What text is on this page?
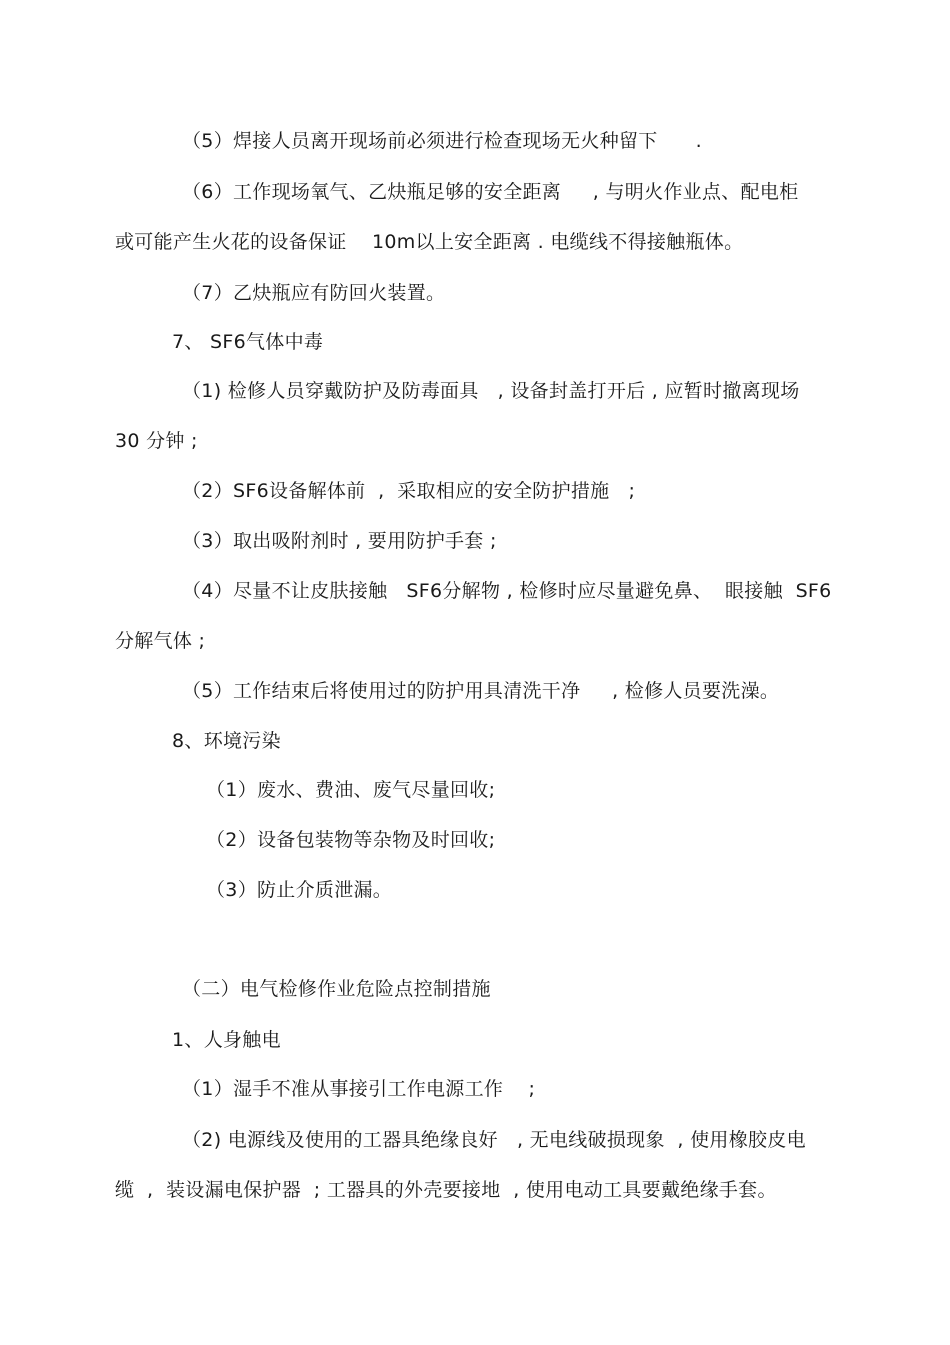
（5）焊接人员离开现场前必须进行检查现场无火种留下      .
（6）工作现场氧气、乙炔瓶足够的安全距离     , 与明火作业点、配电柜
或可能产生火花的设备保证    10m以上安全距离 . 电缆线不得接触瓶体。
（7）乙炔瓶应有防回火装置。
7、 SF6气体中毒
（1) 检修人员穿戴防护及防毒面具   , 设备封盖打开后 , 应暂时撤离现场
30 分钟 ;
（2）SF6设备解体前  ,  采取相应的安全防护措施   ;
（3）取出吸附剂时 , 要用防护手套 ;
（4）尽量不让皮肤接触   SF6分解物 , 检修时应尽量避免鼻、  眼接触  SF6
分解气体 ;
（5）工作结束后将使用过的防护用具清洗干净     , 检修人员要洗澡。
8、环境污染
（1）废水、费油、废气尽量回收;
（2）设备包装物等杂物及时回收;
（3）防止介质泄漏。
（二）电气检修作业危险点控制措施
1、人身触电
（1）湿手不准从事接引工作电源工作    ;
（2) 电源线及使用的工器具绝缘良好   , 无电线破损现象  , 使用橡胶皮电
缆  ,  装设漏电保护器  ; 工器具的外壳要接地  , 使用电动工具要戴绝缘手套。
